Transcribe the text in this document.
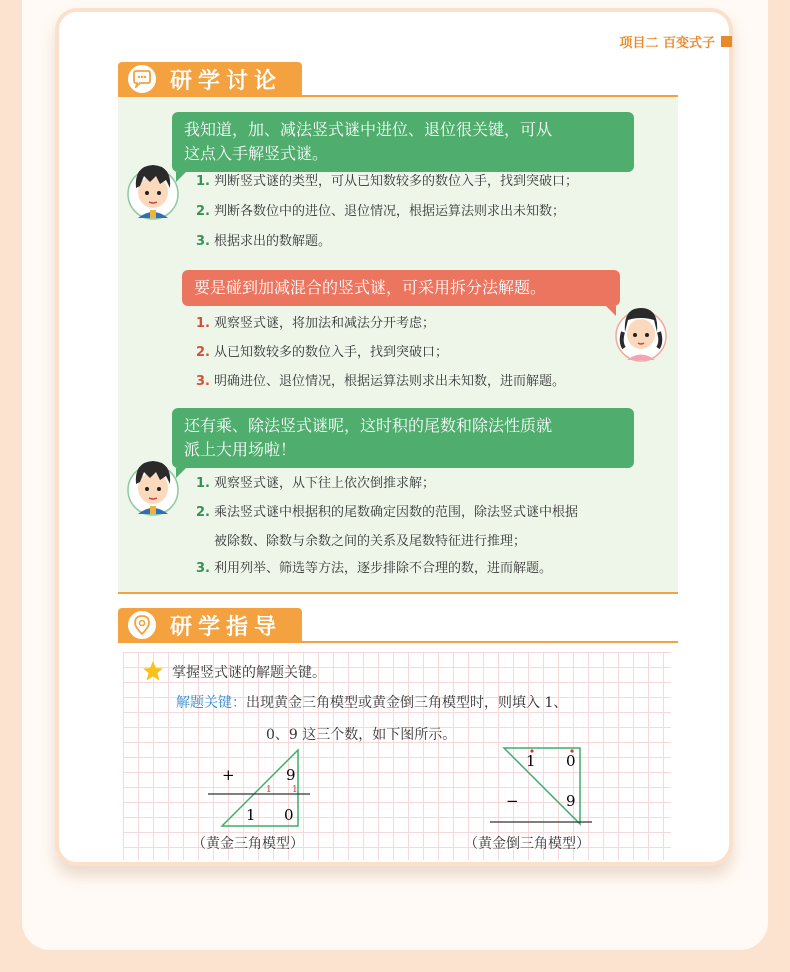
项目二 百变式子
研学讨论
我知道，加、减法竖式谜中进位、退位很关键，可从
这点入手解竖式谜。
1. 判断竖式谜的类型，可从已知数较多的数位入手，找到突破口；
2. 判断各数位中的进位、退位情况，根据运算法则求出未知数；
3. 根据求出的数解题。
要是碰到加减混合的竖式谜，可采用拆分法解题。
1. 观察竖式谜，将加法和减法分开考虑；
2. 从已知数较多的数位入手，找到突破口；
3. 明确进位、退位情况，根据运算法则求出未知数，进而解题。
还有乘、除法竖式谜呢，这时积的尾数和除法性质就
派上大用场啦！
1. 观察竖式谜，从下往上依次倒推求解；
2. 乘法竖式谜中根据积的尾数确定因数的范围，除法竖式谜中根据
被除数、除数与余数之间的关系及尾数特征进行推理；
3. 利用列举、筛选等方法，逐步排除不合理的数，进而解题。
研学指导
掌握竖式谜的解题关键。
解题关键：出现黄金三角模型或黄金倒三角模型时，则填入 1、
0、9 这三个数，如下图所示。
+	9
1 1
1 0
（黄金三角模型）
1 0
−	9
（黄金倒三角模型）
